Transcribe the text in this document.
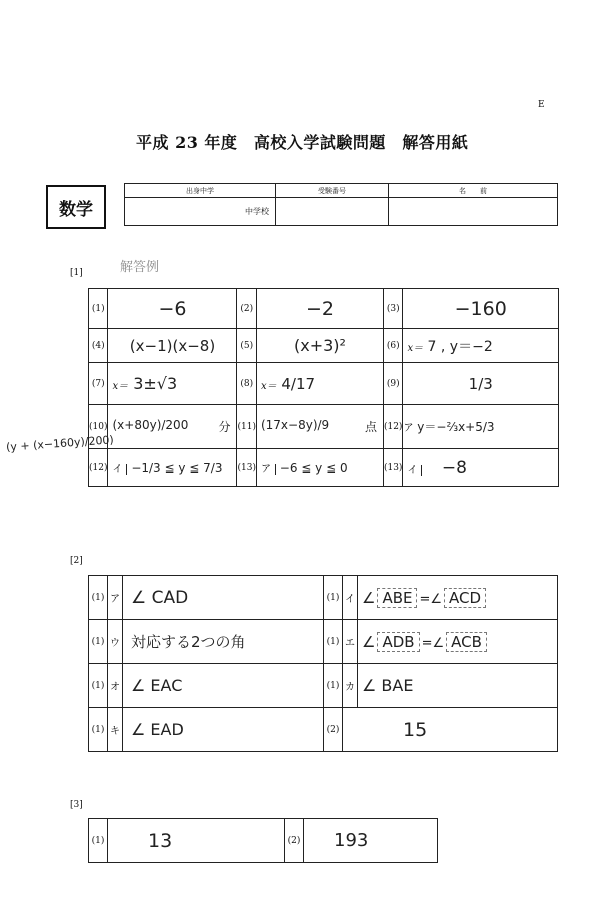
E
平成 23 年度　高校入学試験問題　解答用紙
数学
出身中学	受験番号	名　　前
中学校		
[1]	解答例
(y + (x−160y)/200)
(1)	−6	(2)	−2	(3)	−160
(4)	(x−1)(x−8)	(5)	(x+3)²	(6)	x＝ 7 , y＝−2
(7)	x＝ 3±√3	(8)	x＝ 4/17	(9)	1/3
(10)	(x+80y)/200 分	(11)	(17x−8y)/9 点	(12)	ア y＝−⅔x+5/3
(12)	イ −1/3 ≦ y ≦ 7/3	(13)	ア −6 ≦ y ≦ 0	(13)	イ −8
[2]
(1)	ア	∠ CAD	(1)	イ	∠ ABE =∠ ACD
(1)	ウ	対応する2つの角	(1)	エ	∠ ADB =∠ ACB
(1)	オ	∠ EAC	(1)	カ	∠ BAE
(1)	キ	∠ EAD	(2)	15	
[3]
(1)	13	(2)	193
